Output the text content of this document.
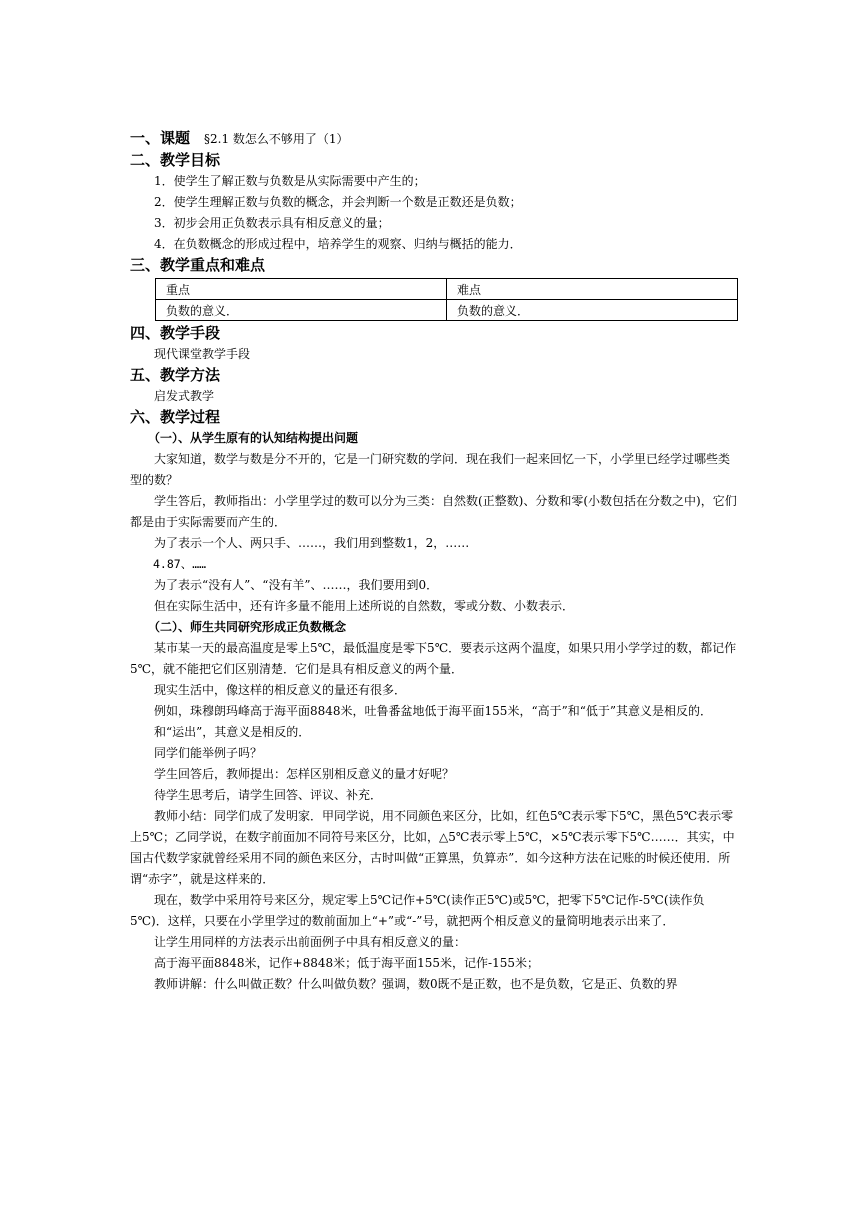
一、课题 §2.1 数怎么不够用了（1）

二、教学目标

1．使学生了解正数与负数是从实际需要中产生的；

2．使学生理解正数与负数的概念，并会判断一个数是正数还是负数；

3．初步会用正负数表示具有相反意义的量；

4．在负数概念的形成过程中，培养学生的观察、归纳与概括的能力．

三、教学重点和难点

重点	难点
负数的意义．	负数的意义．

四、教学手段

现代课堂教学手段

五、教学方法

启发式教学

六、教学过程

（一）、从学生原有的认知结构提出问题

大家知道，数学与数是分不开的，它是一门研究数的学问．现在我们一起来回忆一下，小学里已经学过哪些类型的数？

学生答后，教师指出：小学里学过的数可以分为三类：自然数(正整数)、分数和零(小数包括在分数之中)，它们都是由于实际需要而产生的．

为了表示一个人、两只手、……，我们用到整数1，2，……

4.87、……

为了表示“没有人”、“没有羊”、……，我们要用到0．

但在实际生活中，还有许多量不能用上述所说的自然数，零或分数、小数表示．

（二）、师生共同研究形成正负数概念

某市某一天的最高温度是零上5℃，最低温度是零下5℃．要表示这两个温度，如果只用小学学过的数，都记作5℃，就不能把它们区别清楚．它们是具有相反意义的两个量．

现实生活中，像这样的相反意义的量还有很多．

例如，珠穆朗玛峰高于海平面8848米，吐鲁番盆地低于海平面155米，“高于”和“低于”其意义是相反的．

和“运出”，其意义是相反的．

同学们能举例子吗？

学生回答后，教师提出：怎样区别相反意义的量才好呢？

待学生思考后，请学生回答、评议、补充．

教师小结：同学们成了发明家．甲同学说，用不同颜色来区分，比如，红色5℃表示零下5℃，黑色5℃表示零上5℃；乙同学说，在数字前面加不同符号来区分，比如，△5℃表示零上5℃，×5℃表示零下5℃……．其实，中国古代数学家就曾经采用不同的颜色来区分，古时叫做“正算黑，负算赤”．如今这种方法在记账的时候还使用．所谓“赤字”，就是这样来的．

现在，数学中采用符号来区分，规定零上5℃记作+5℃(读作正5℃)或5℃，把零下5℃记作-5℃(读作负5℃)．这样，只要在小学里学过的数前面加上“+”或“-”号，就把两个相反意义的量简明地表示出来了．

让学生用同样的方法表示出前面例子中具有相反意义的量：

高于海平面8848米，记作+8848米；低于海平面155米，记作-155米；

教师讲解：什么叫做正数？什么叫做负数？强调，数0既不是正数，也不是负数，它是正、负数的界
